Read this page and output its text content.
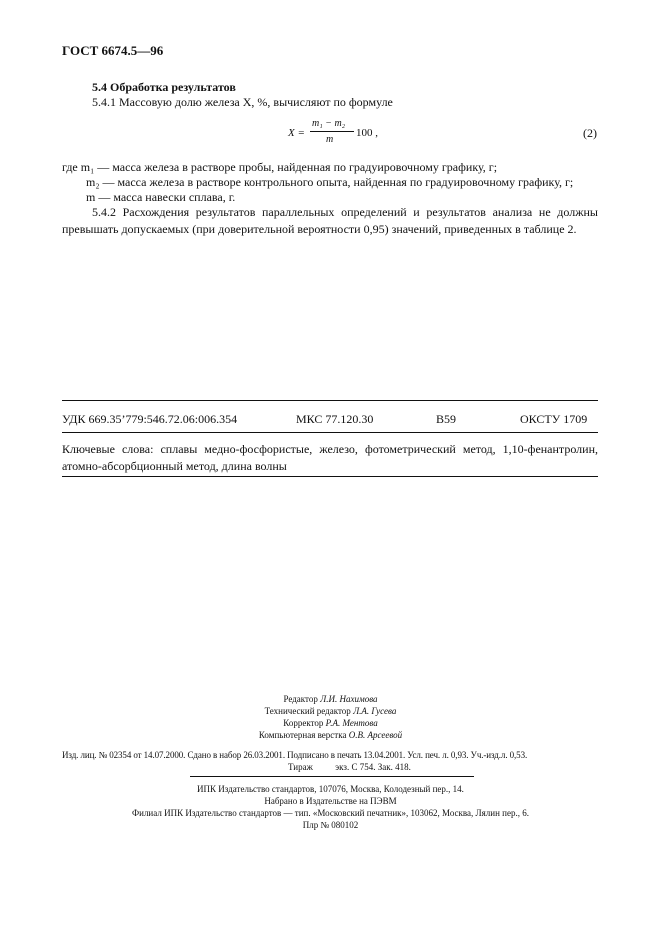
ГОСТ 6674.5—96
5.4 Обработка результатов
5.4.1 Массовую долю железа X, %, вычисляют по формуле
X =
m₁ − m₂
m
100 ,	(2)
где m₁ — масса железа в растворе пробы, найденная по градуировочному графику, г;
m₂ — масса железа в растворе контрольного опыта, найденная по градуировочному графику, г;
m — масса навески сплава, г.
5.4.2 Расхождения результатов параллельных определений и результатов анализа не должны превышать допускаемых (при доверительной вероятности 0,95) значений, приведенных в таблице 2.
УДК 669.35’779:546.72.06:006.354	МКС 77.120.30	В59	ОКСТУ 1709
Ключевые слова: сплавы медно-фосфористые, железо, фотометрический метод, 1,10-фенантролин, атомно-абсорбционный метод, длина волны
Редактор Л.И. Нахимова
Технический редактор Л.А. Гусева
Корректор Р.А. Ментова
Компьютерная верстка О.В. Арсеевой
Изд. лиц. № 02354 от 14.07.2000. Сдано в набор 26.03.2001. Подписано в печать 13.04.2001. Усл. печ. л. 0,93. Уч.-изд.л. 0,53.
Тираж          экз. С 754. Зак. 418.
ИПК Издательство стандартов, 107076, Москва, Колодезный пер., 14.
Набрано в Издательстве на ПЭВМ
Филиал ИПК Издательство стандартов — тип. «Московский печатник», 103062, Москва, Лялин пер., 6.
Плр № 080102
